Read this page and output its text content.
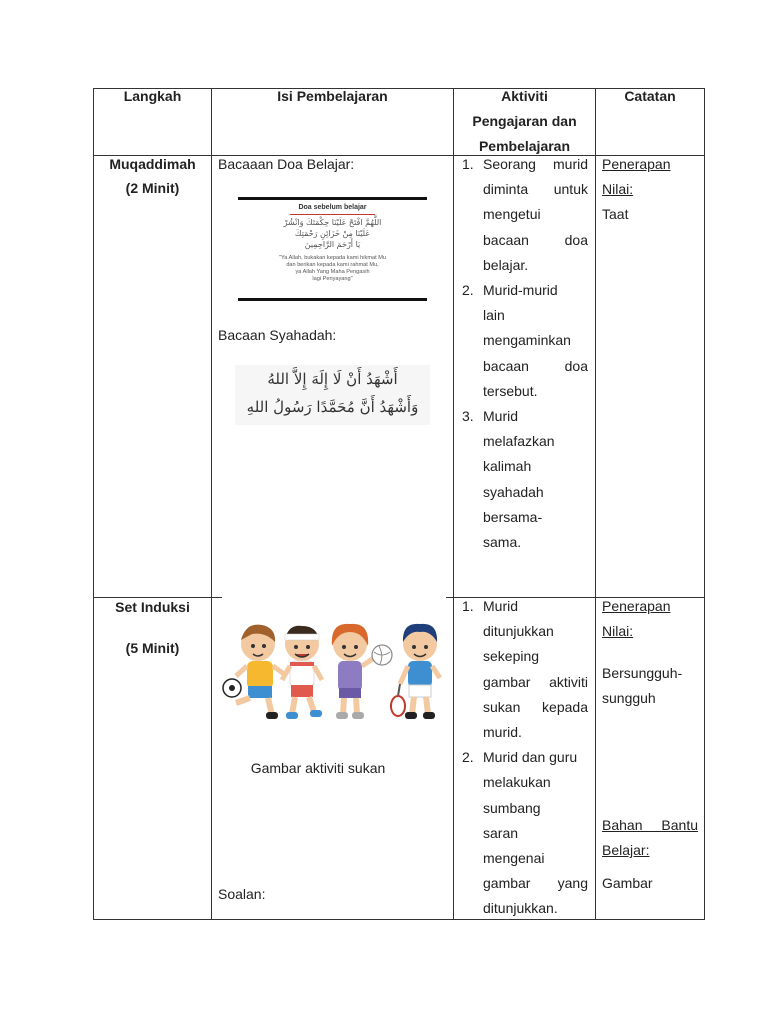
Langkah	Isi Pembelajaran	Aktiviti
Pengajaran dan
Pembelajaran
Catatan
Muqaddimah
(2 Minit)
Bacaaan Doa Belajar:
Doa sebelum belajar
اللَّهُمَّ افْتَحْ عَلَيْنَا حِكْمَتَكَ وَانْشُرْ
عَلَيْنَا مِنْ خَزَائِنِ رَحْمَتِكَ
يَا أَرْحَمَ الرَّاحِمِينَ
"Ya Allah, bukakan kepada kami hikmat Mu
dan berikan kepada kami rahmat Mu,
ya Allah Yang Maha Pengasih
lagi Penyayang"
Bacaan Syahadah:
أَشْهَدُ أَنْ لَا إِلَهَ إِلاَّ اللهُ
وَأَشْهَدُ أَنَّ مُحَمَّدًا رَسُولُ اللهِ
1. Seorang murid
diminta untuk
mengetui
bacaan doa
belajar.
2. Murid-murid
lain
mengaminkan
bacaan doa
tersebut.
3. Murid
melafazkan
kalimah
syahadah
bersama-
sama.
Penerapan
Nilai:
Taat
Set Induksi
(5 Minit)
Gambar aktiviti sukan
Soalan:
1. Murid
ditunjukkan
sekeping
gambar aktiviti
sukan kepada
murid.
2. Murid dan guru
melakukan
sumbang
saran
mengenai
gambar yang
ditunjukkan.
Penerapan
Nilai:
Bersungguh-
sungguh
Bahan Bantu
Belajar:
Gambar
